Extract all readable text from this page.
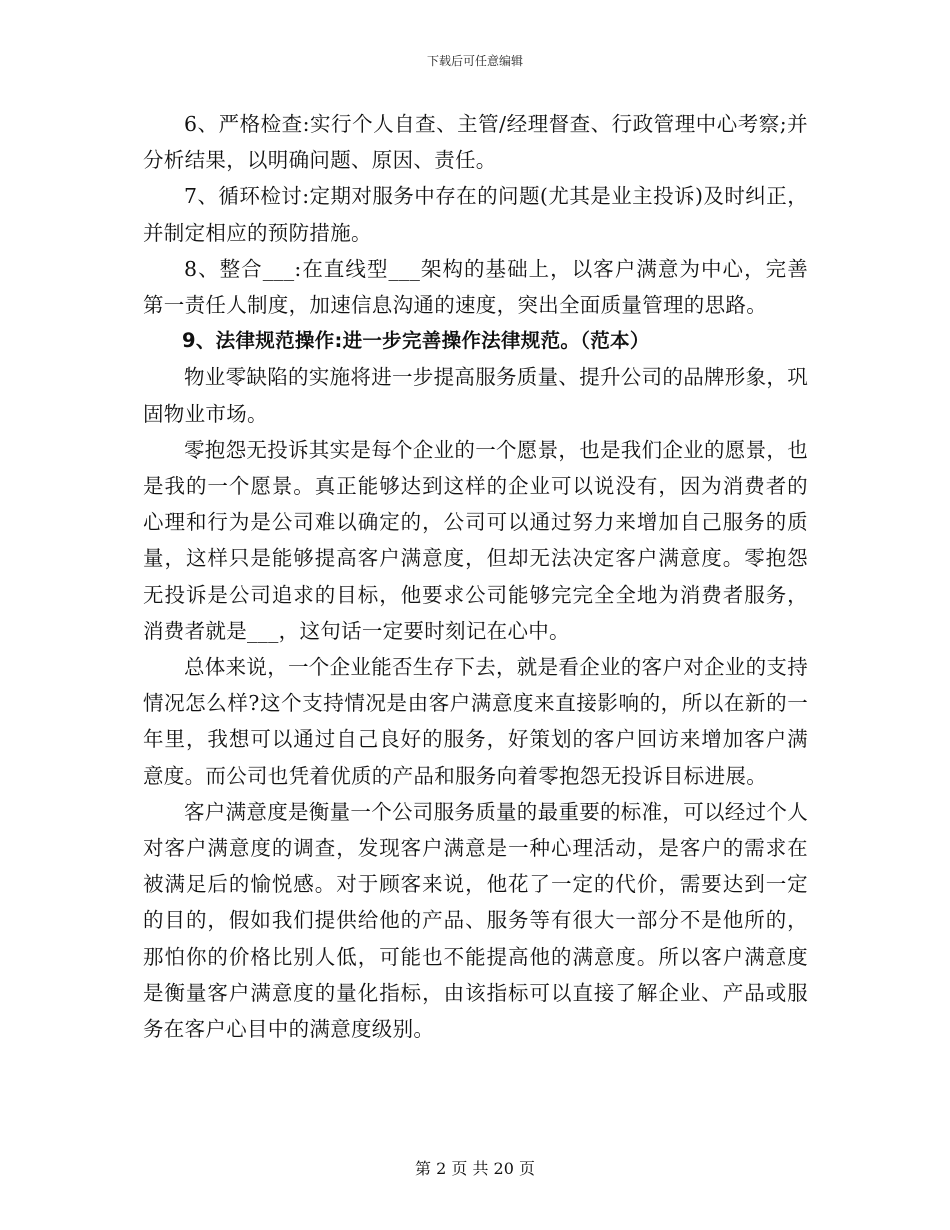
下载后可任意编辑

6、严格检查:实行个人自查、主管/经理督查、行政管理中心考察;并分析结果，以明确问题、原因、责任。

7、循环检讨:定期对服务中存在的问题(尤其是业主投诉)及时纠正，并制定相应的预防措施。

8、整合___:在直线型___架构的基础上，以客户满意为中心，完善第一责任人制度，加速信息沟通的速度，突出全面质量管理的思路。

9、法律规范操作:进一步完善操作法律规范。（范本）

物业零缺陷的实施将进一步提高服务质量、提升公司的品牌形象，巩固物业市场。

零抱怨无投诉其实是每个企业的一个愿景，也是我们企业的愿景，也是我的一个愿景。真正能够达到这样的企业可以说没有，因为消费者的心理和行为是公司难以确定的，公司可以通过努力来增加自己服务的质量，这样只是能够提高客户满意度，但却无法决定客户满意度。零抱怨无投诉是公司追求的目标，他要求公司能够完完全全地为消费者服务，消费者就是___，这句话一定要时刻记在心中。

总体来说，一个企业能否生存下去，就是看企业的客户对企业的支持情况怎么样?这个支持情况是由客户满意度来直接影响的，所以在新的一年里，我想可以通过自己良好的服务，好策划的客户回访来增加客户满意度。而公司也凭着优质的产品和服务向着零抱怨无投诉目标进展。

客户满意度是衡量一个公司服务质量的最重要的标准，可以经过个人对客户满意度的调查，发现客户满意是一种心理活动，是客户的需求在被满足后的愉悦感。对于顾客来说，他花了一定的代价，需要达到一定的目的，假如我们提供给他的产品、服务等有很大一部分不是他所的，那怕你的价格比别人低，可能也不能提高他的满意度。所以客户满意度是衡量客户满意度的量化指标，由该指标可以直接了解企业、产品或服务在客户心目中的满意度级别。

第 2 页 共 20 页
